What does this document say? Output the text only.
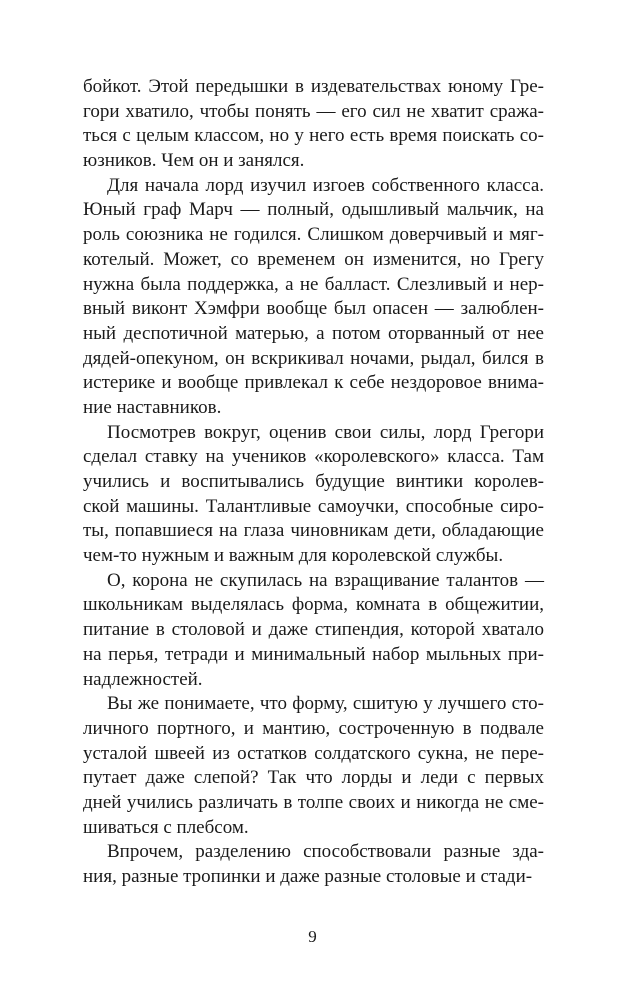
бойкот. Этой передышки в издевательствах юному Гре-
гори хватило, чтобы понять — его сил не хватит сража-
ться с целым классом, но у него есть время поискать со-
юзников. Чем он и занялся.
Для начала лорд изучил изгоев собственного класса.
Юный граф Марч — полный, одышливый мальчик, на
роль союзника не годился. Слишком доверчивый и мяг-
котелый. Может, со временем он изменится, но Грегу
нужна была поддержка, а не балласт. Слезливый и нер-
вный виконт Хэмфри вообще был опасен — залюблен-
ный деспотичной матерью, а потом оторванный от нее
дядей-опекуном, он вскрикивал ночами, рыдал, бился в
истерике и вообще привлекал к себе нездоровое внима-
ние наставников.
Посмотрев вокруг, оценив свои силы, лорд Грегори
сделал ставку на учеников «королевского» класса. Там
учились и воспитывались будущие винтики королев-
ской машины. Талантливые самоучки, способные сиро-
ты, попавшиеся на глаза чиновникам дети, обладающие
чем-то нужным и важным для королевской службы.
О, корона не скупилась на взращивание талантов —
школьникам выделялась форма, комната в общежитии,
питание в столовой и даже стипендия, которой хватало
на перья, тетради и минимальный набор мыльных при-
надлежностей.
Вы же понимаете, что форму, сшитую у лучшего сто-
личного портного, и мантию, состроченную в подвале
усталой швеей из остатков солдатского сукна, не пере-
путает даже слепой? Так что лорды и леди с первых
дней учились различать в толпе своих и никогда не сме-
шиваться с плебсом.
Впрочем, разделению способствовали разные зда-
ния, разные тропинки и даже разные столовые и стади-
9
